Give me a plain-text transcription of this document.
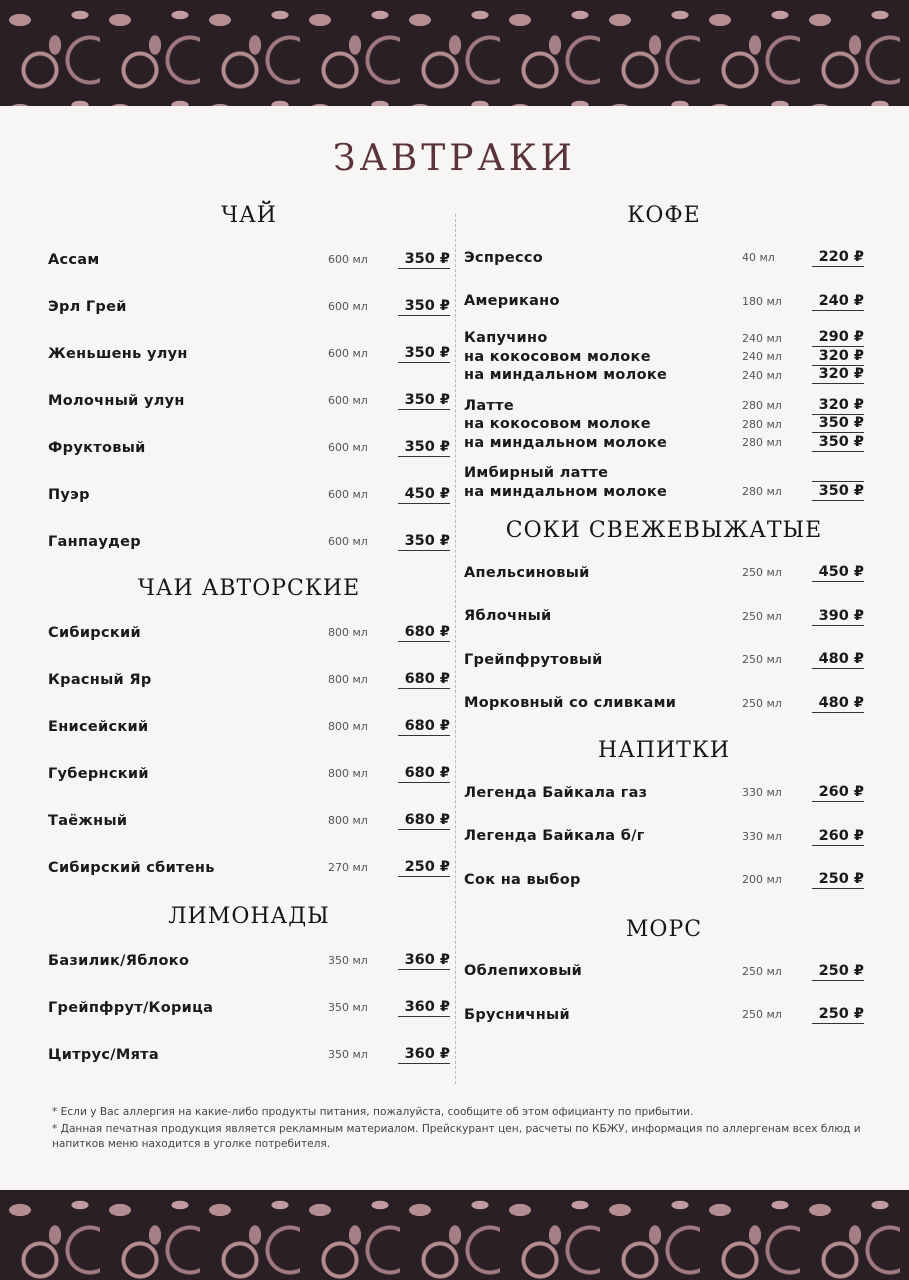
ЗАВТРАКИ
ЧАЙ
Ассам	600 мл	350 ₽
Эрл Грей	600 мл	350 ₽
Женьшень улун	600 мл	350 ₽
Молочный улун	600 мл	350 ₽
Фруктовый	600 мл	350 ₽
Пуэр	600 мл	450 ₽
Ганпаудер	600 мл	350 ₽
ЧАИ АВТОРСКИЕ
Сибирский	800 мл	680 ₽
Красный Яр	800 мл	680 ₽
Енисейский	800 мл	680 ₽
Губернский	800 мл	680 ₽
Таёжный	800 мл	680 ₽
Сибирский сбитень	270 мл	250 ₽
ЛИМОНАДЫ
Базилик/Яблоко	350 мл	360 ₽
Грейпфрут/Корица	350 мл	360 ₽
Цитрус/Мята	350 мл	360 ₽
КОФЕ
Эспрессо	40 мл	220 ₽
Американо	180 мл	240 ₽
Капучино	240 мл	290 ₽
на кокосовом молоке	240 мл	320 ₽
на миндальном молоке	240 мл	320 ₽
Латте	280 мл	320 ₽
на кокосовом молоке	280 мл	350 ₽
на миндальном молоке	280 мл	350 ₽
Имбирный латте
на миндальном молоке	280 мл	350 ₽
СОКИ СВЕЖЕВЫЖАТЫЕ
Апельсиновый	250 мл	450 ₽
Яблочный	250 мл	390 ₽
Грейпфрутовый	250 мл	480 ₽
Морковный со сливками	250 мл	480 ₽
НАПИТКИ
Легенда Байкала газ	330 мл	260 ₽
Легенда Байкала б/г	330 мл	260 ₽
Сок на выбор	200 мл	250 ₽
МОРС
Облепиховый	250 мл	250 ₽
Брусничный	250 мл	250 ₽

* Если у Вас аллергия на какие-либо продукты питания, пожалуйста, сообщите об этом официанту по прибытии.

* Данная печатная продукция является рекламным материалом. Прейскурант цен, расчеты по КБЖУ, информация по аллергенам всех блюд и напитков меню находится в уголке потребителя.
